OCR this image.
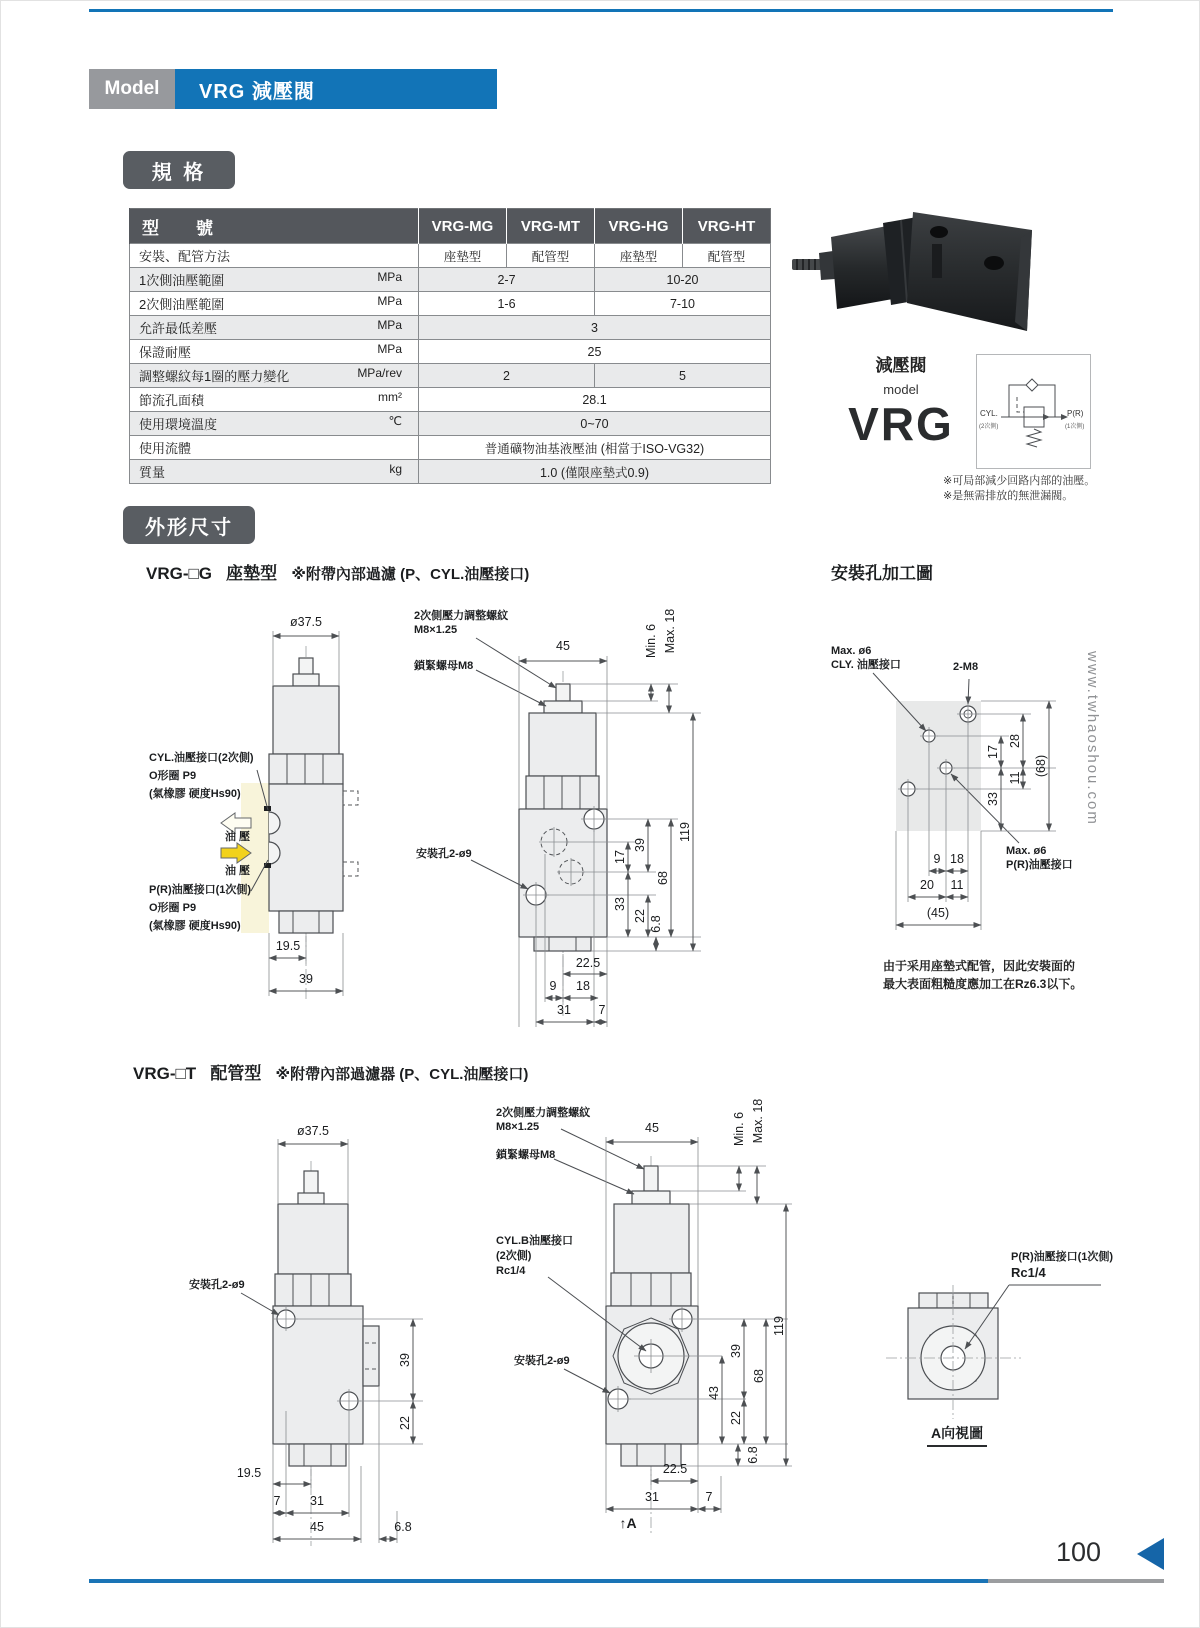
Model	VRG 減壓閥
規 格
型　號	VRG-MG	VRG-MT	VRG-HG	VRG-HT
安裝、配管方法	座墊型	配管型	座墊型	配管型
1次側油壓範圍 MPa	2-7		10-20	
2次側油壓範圍 MPa	1-6		7-10	
允許最低差壓 MPa	3			
保證耐壓 MPa	25			
調整螺紋每1圈的壓力變化 MPa/rev	2		5	
節流孔面積 mm²	28.1			
使用環境溫度 ℃	0~70			
使用流體	普通礦物油基液壓油 (相當于ISO-VG32)			
質量 kg	1.0 (僅限座墊式0.9)			
減壓閥
model
VRG	CYL.
(2次側)
P(R)
(1次側)
※可局部減少回路内部的油壓。
※是無需排放的無泄漏閥。
外形尺寸
VRG-□G 座墊型 ※附帶內部過濾 (P、CYL.油壓接口)	安裝孔加工圖
ø37.5
CYL.油壓接口(2次側)
O形圈 P9
(氣橡膠 硬度Hs90)
油 壓
油 壓
P(R)油壓接口(1次側)
O形圈 P9
(氣橡膠 硬度Hs90)
19.5
39
2次側壓力調整螺紋
M8×1.25
鎖緊螺母M8
45	Min. 6 Max. 18
安裝孔2-ø9	17
33
39
22
68
119
22.5
9 18
31 7
6.8
Max. ø6
CLY. 油壓接口	2-M8
Max. ø6
P(R)油壓接口
17
33
28
11
(68)
9 18
20 11
(45)
由于采用座墊式配管，因此安裝面的
最大表面粗糙度應加工在Rz6.3以下。
VRG-□T 配管型 ※附帶內部過濾器 (P、CYL.油壓接口)
ø37.5
安裝孔2-ø9
39
22
19.5
7 31
45	6.8
2次側壓力調整螺紋
M8×1.25
鎖緊螺母M8
45	Min. 6 Max. 18
CYL.B油壓接口
(2次側)
Rc1/4
安裝孔2-ø9
43
39
22
68
119
22.5
31	7
6.8
↑A
P(R)油壓接口(1次側)
Rc1/4
A向視圖
www.twhaoshou.com
100
